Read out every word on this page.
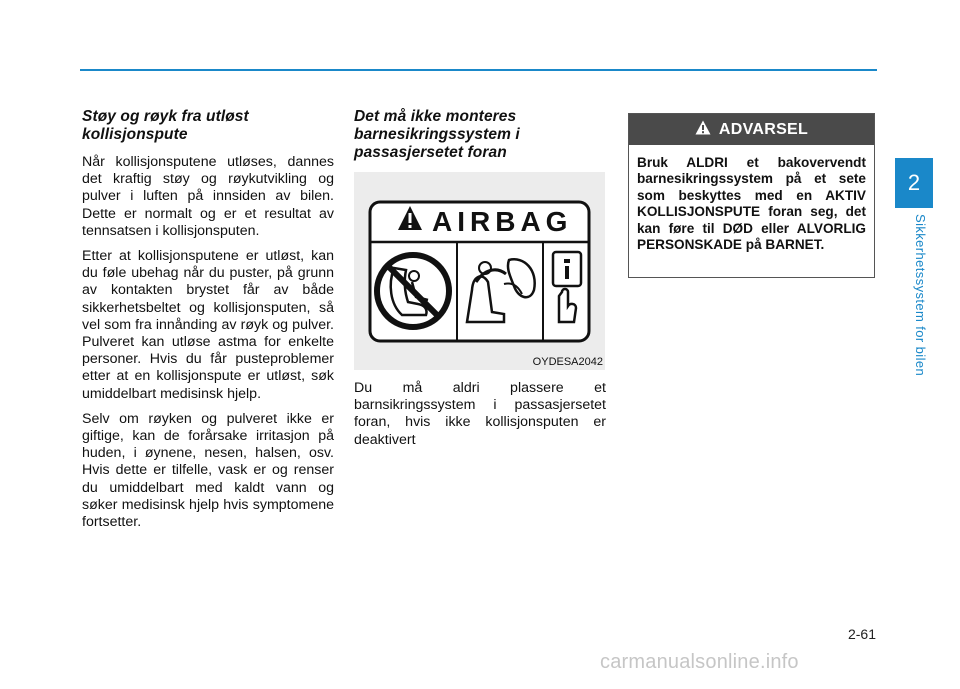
Støy og røyk fra utløst kollisjonspute

Når kollisjonsputene utløses, dannes det kraftig støy og røykutvikling og pulver i luften på innsiden av bilen. Dette er normalt og er et resultat av tennsatsen i kollisjonsputen.

Etter at kollisjonsputene er utløst, kan du føle ubehag når du puster, på grunn av kontakten brystet får av både sikkerhetsbeltet og kollisjonsputen, så vel som fra innånding av røyk og pulver. Pulveret kan utløse astma for enkelte personer. Hvis du får pusteproblemer etter at en kollisjonspute er utløst, søk umiddelbart medisinsk hjelp.

Selv om røyken og pulveret ikke er giftige, kan de forårsake irritasjon på huden, i øynene, nesen, halsen, osv. Hvis dette er tilfelle, vask er og renser du umiddelbart med kaldt vann og søker medisinsk hjelp hvis symptomene fortsetter.

Det må ikke monteres barnesikringssystem i passasjersetet foran
AIRBAG
OYDESA2042

Du må aldri plassere et barnsikringssystem i passasjersetet foran, hvis ikke kollisjonsputen er deaktivert

ADVARSEL
Bruk ALDRI et bakovervendt barnesikringssystem på et sete som beskyttes med en AKTIV KOLLISJONSPUTE foran seg, det kan føre til DØD eller ALVORLIG PERSONSKADE på BARNET.
2
Sikkerhetssystem for bilen
2-61
carmanualsonline.info
